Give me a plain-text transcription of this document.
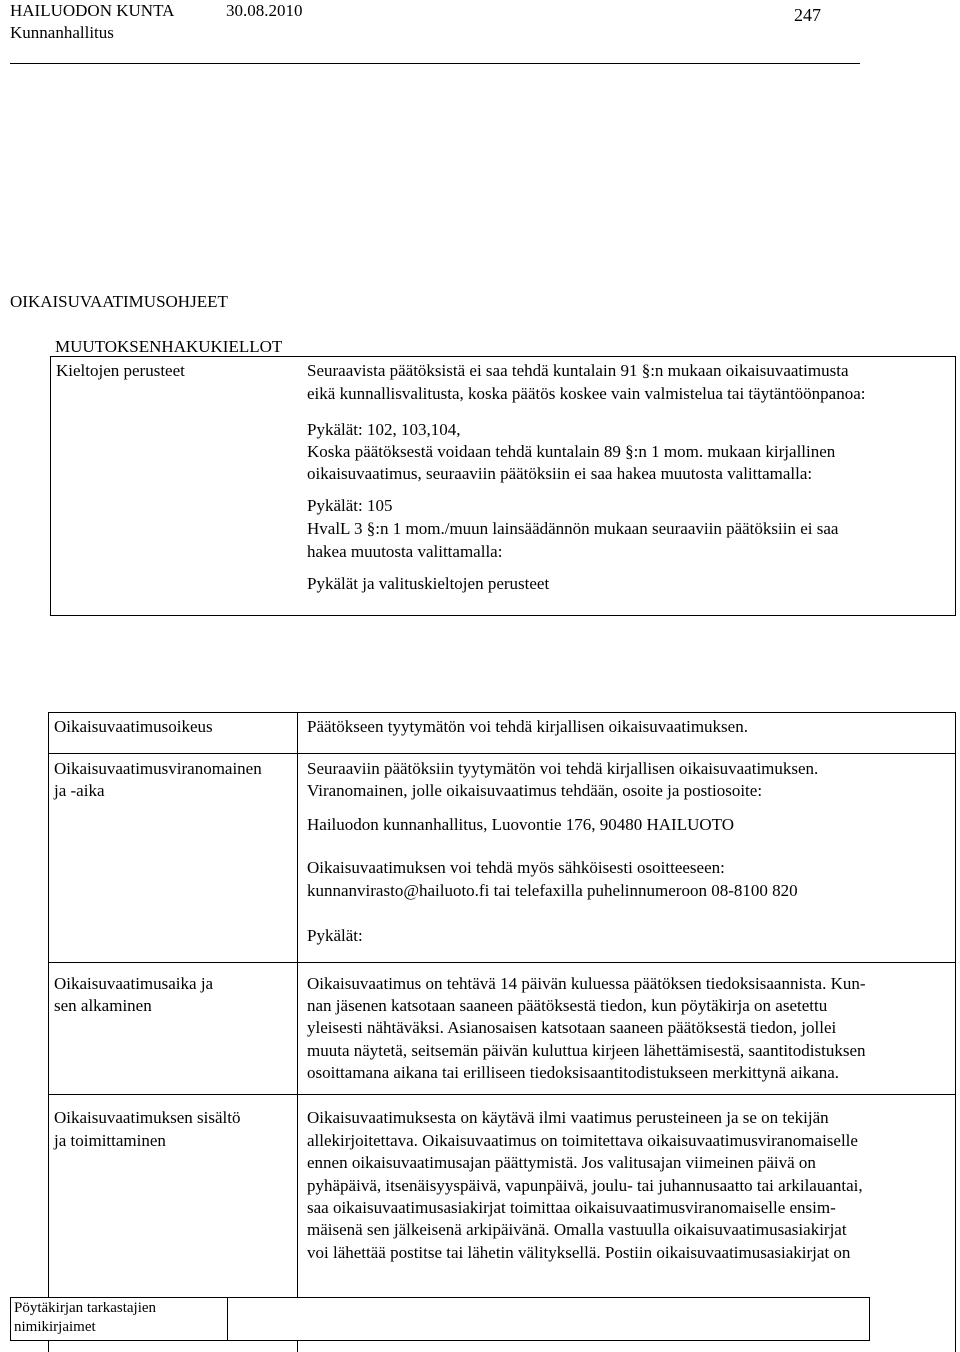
HAILUODON KUNTA	30.08.2010	247
Kunnanhallitus
OIKAISUVAATIMUSOHJEET
MUUTOKSENHAKUKIELLOT
Kieltojen perusteet	Seuraavista päätöksistä ei saa tehdä kuntalain 91 §:n mukaan oikaisuvaatimusta
eikä kunnallisvalitusta, koska päätös koskee vain valmistelua tai täytäntöönpanoa:
Pykälät: 102, 103,104,
Koska päätöksestä voidaan tehdä kuntalain 89 §:n 1 mom. mukaan kirjallinen
oikaisuvaatimus, seuraaviin päätöksiin ei saa hakea muutosta valittamalla:
Pykälät: 105
HvalL 3 §:n 1 mom./muun lainsäädännön mukaan seuraaviin päätöksiin ei saa
hakea muutosta valittamalla:
Pykälät ja valituskieltojen perusteet
Oikaisuvaatimusoikeus	Päätökseen tyytymätön voi tehdä kirjallisen oikaisuvaatimuksen.
Oikaisuvaatimusviranomainen
ja -aika
Seuraaviin päätöksiin tyytymätön voi tehdä kirjallisen oikaisuvaatimuksen.
Viranomainen, jolle oikaisuvaatimus tehdään, osoite ja postiosoite:
Hailuodon kunnanhallitus, Luovontie 176, 90480 HAILUOTO
Oikaisuvaatimuksen voi tehdä myös sähköisesti osoitteeseen:
kunnanvirasto@hailuoto.fi tai telefaxilla puhelinnumeroon 08-8100 820
Pykälät:
Oikaisuvaatimusaika ja
sen alkaminen
Oikaisuvaatimus on tehtävä 14 päivän kuluessa päätöksen tiedoksisaannista. Kun-
nan jäsenen katsotaan saaneen päätöksestä tiedon, kun pöytäkirja on asetettu
yleisesti nähtäväksi. Asianosaisen katsotaan saaneen päätöksestä tiedon, jollei
muuta näytetä, seitsemän päivän kuluttua kirjeen lähettämisestä, saantitodistuksen
osoittamana aikana tai erilliseen tiedoksisaantitodistukseen merkittynä aikana.
Oikaisuvaatimuksen sisältö
ja toimittaminen
Oikaisuvaatimuksesta on käytävä ilmi vaatimus perusteineen ja se on tekijän
allekirjoitettava. Oikaisuvaatimus on toimitettava oikaisuvaatimusviranomaiselle
ennen oikaisuvaatimusajan päättymistä. Jos valitusajan viimeinen päivä on
pyhäpäivä, itsenäisyyspäivä, vapunpäivä, joulu- tai juhannusaatto tai arkilauantai,
saa oikaisuvaatimusasiakirjat toimittaa oikaisuvaatimusviranomaiselle ensim-
mäisenä sen jälkeisenä arkipäivänä. Omalla vastuulla oikaisuvaatimusasiakirjat
voi lähettää postitse tai lähetin välityksellä. Postiin oikaisuvaatimusasiakirjat on
Pöytäkirjan tarkastajien
nimikirjaimet
